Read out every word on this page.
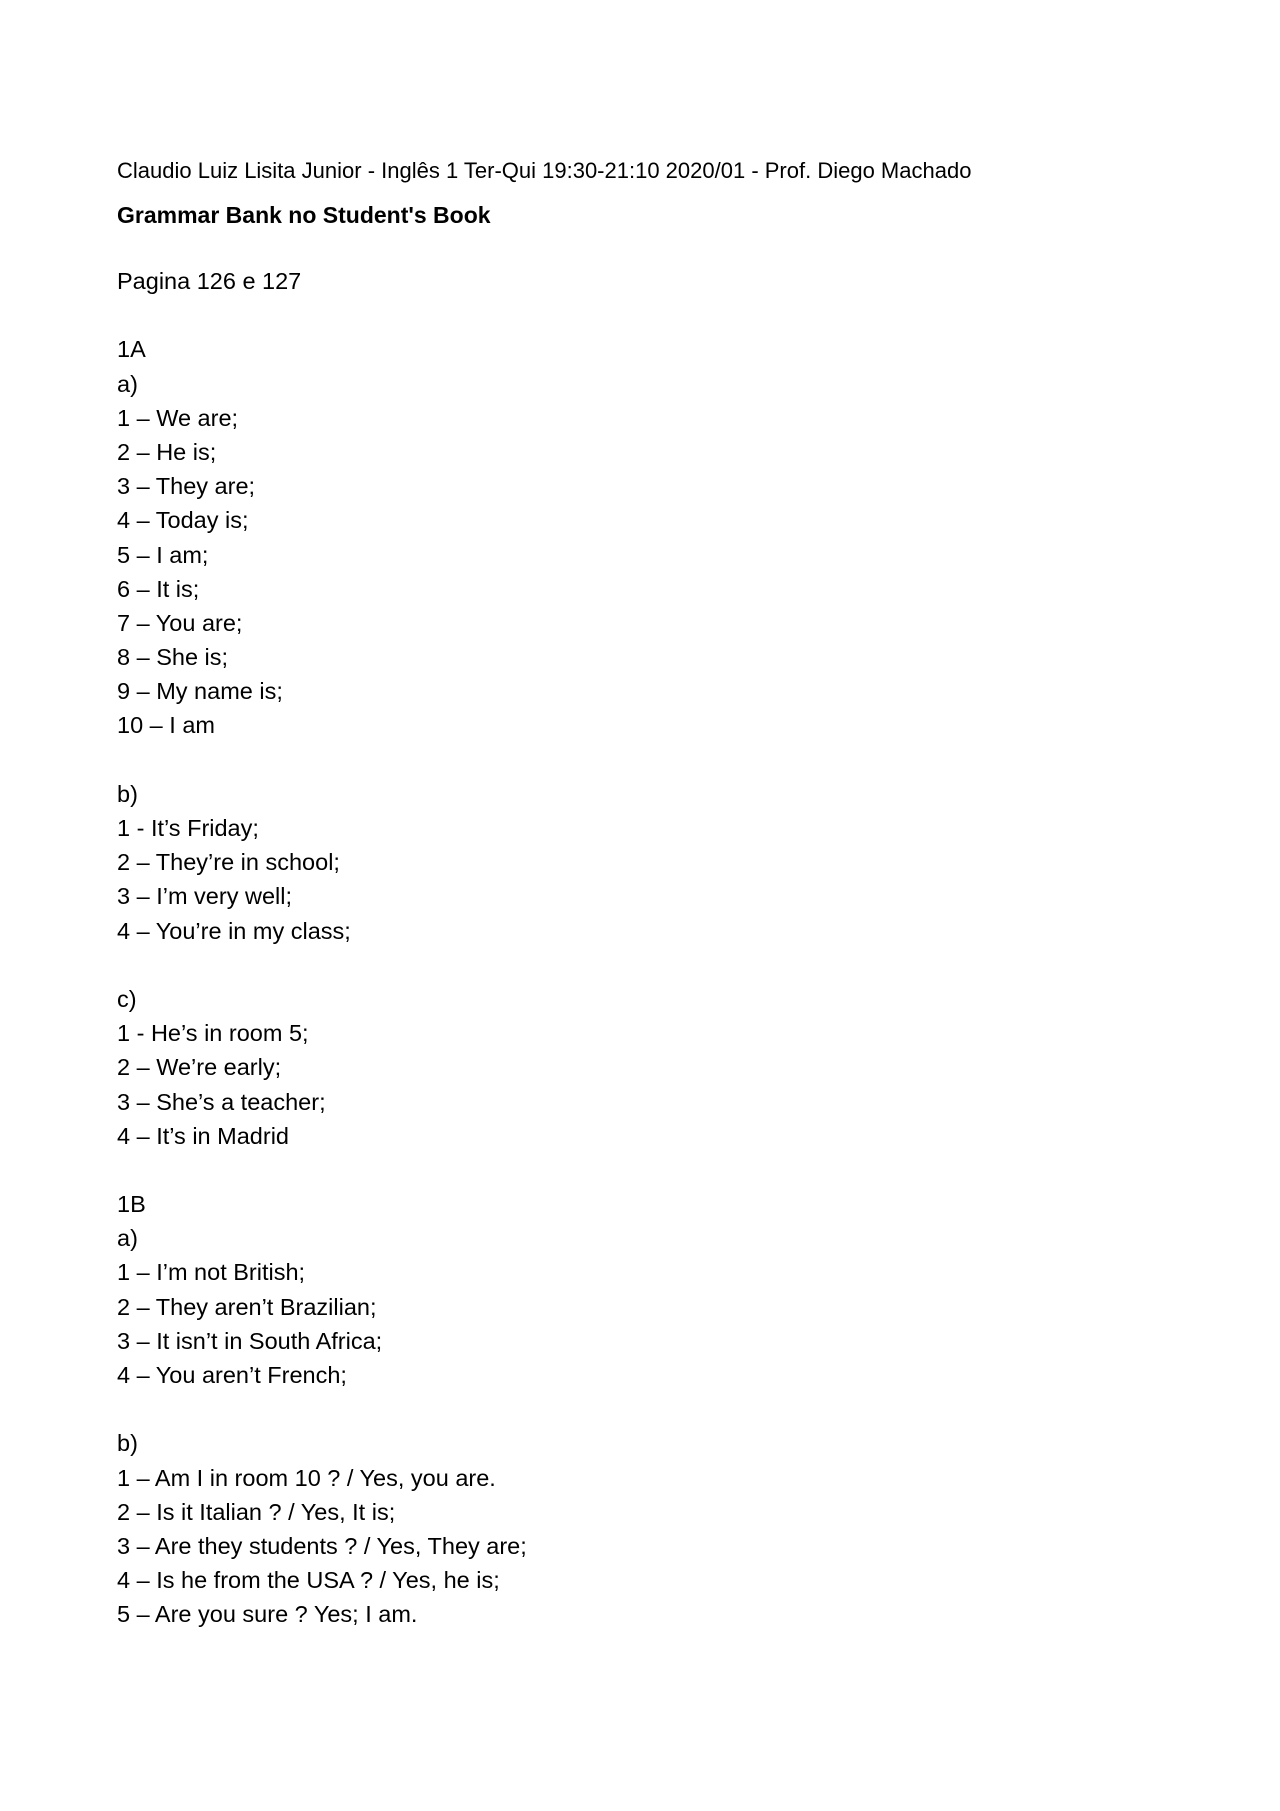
Claudio Luiz Lisita Junior - Inglês 1 Ter-Qui 19:30-21:10 2020/01 - Prof. Diego Machado
Grammar Bank no Student's Book
Pagina 126 e 127
1A
a)
1 – We are;
2 – He is;
3 – They are;
4 – Today is;
5 – I am;
6 – It is;
7 – You are;
8 – She is;
9 – My name is;
10 – I am
b)
1 - It’s Friday;
2 – They’re in school;
3 – I’m very well;
4 – You’re in my class;
c)
1 - He’s in room 5;
2 – We’re early;
3 – She’s a teacher;
4 – It’s in Madrid
1B
a)
1 – I’m not British;
2 – They aren’t Brazilian;
3 – It isn’t in South Africa;
4 – You aren’t French;
b)
1 – Am I in room 10 ? / Yes, you are.
2 – Is it Italian ? / Yes, It is;
3 – Are they students ? / Yes, They are;
4 – Is he from the USA ? / Yes, he is;
5 – Are you sure ? Yes; I am.
